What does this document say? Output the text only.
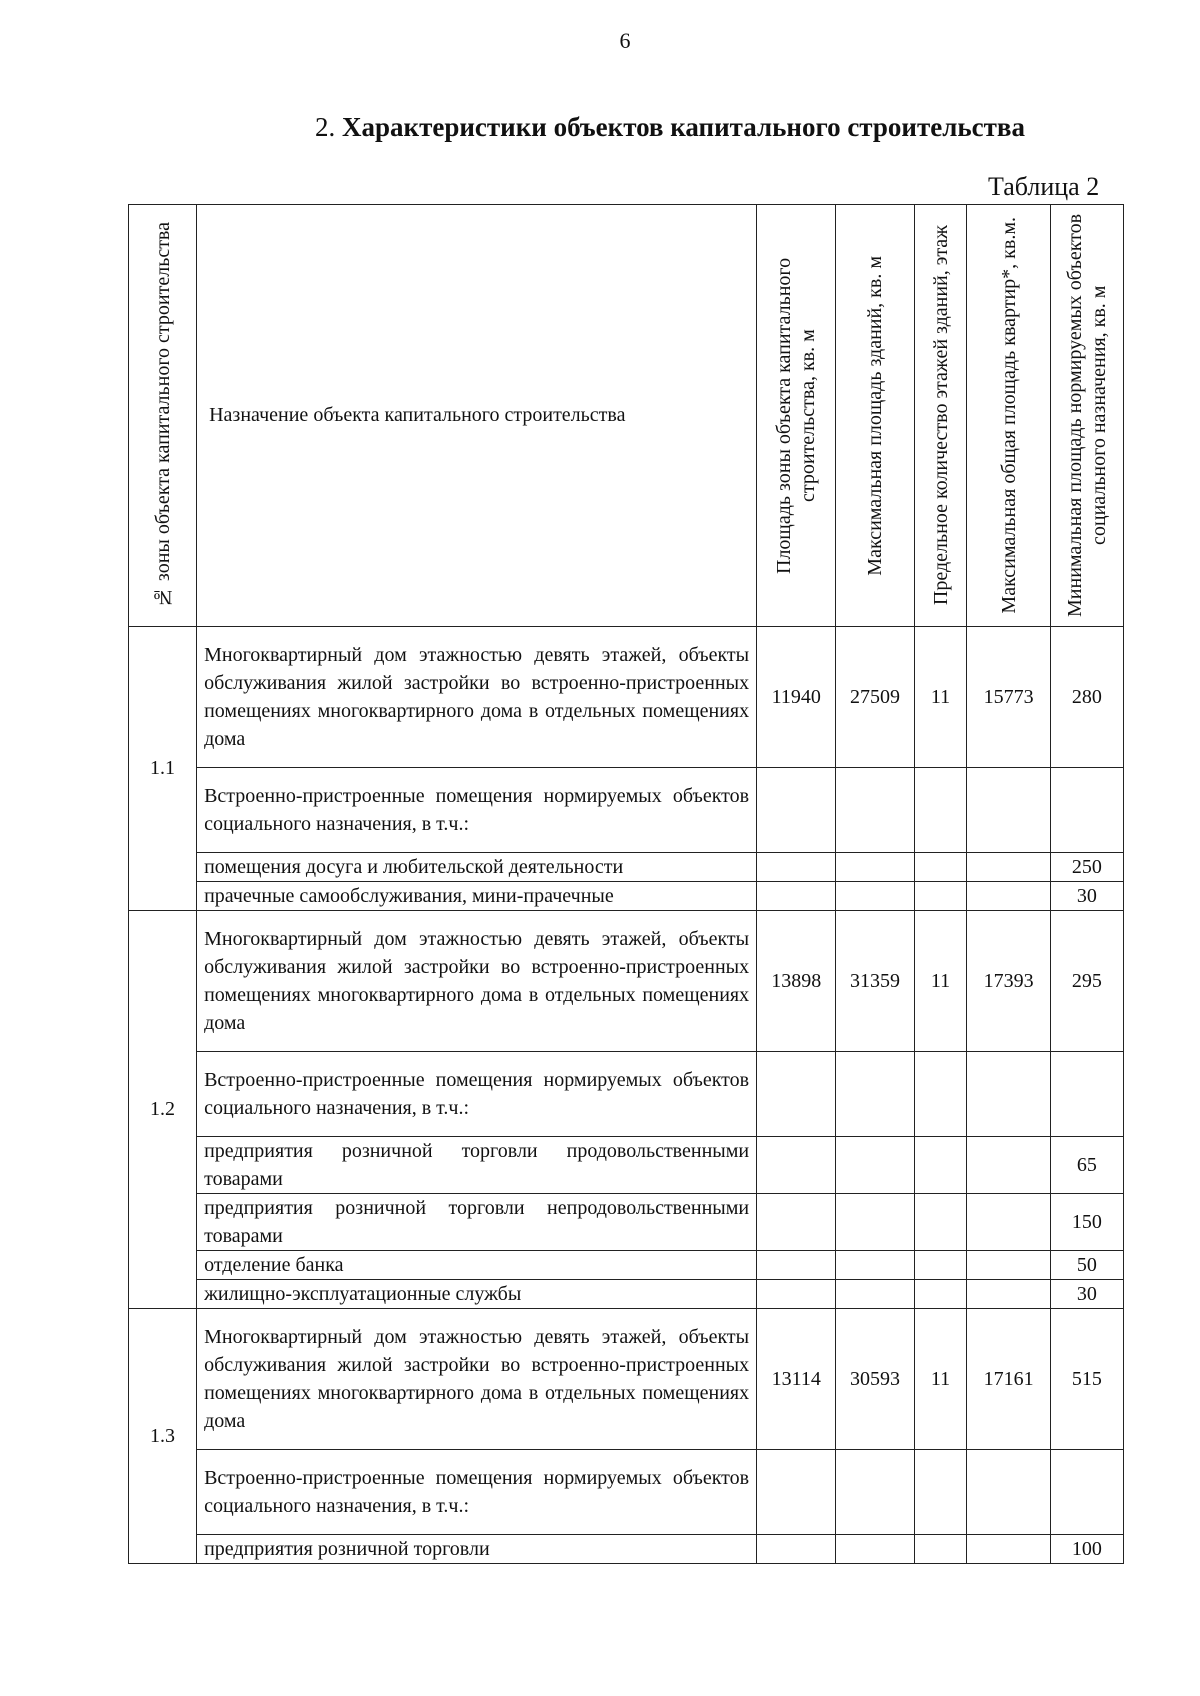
6
2. Характеристики объектов капитального строительства
Таблица 2
№ зоны объекта капитального строительства	Назначение объекта капитального строительства	Площадь зоны объекта капитального строительства, кв. м	Максимальная площадь зданий, кв. м	Предельное количество этажей зданий, этаж	Максимальная общая площадь квартир*, кв.м.	Минимальная площадь нормируемых объектов социального назначения, кв. м

1.1	Многоквартирный дом этажностью девять этажей, объекты обслуживания жилой застройки во встроенно-пристроенных помещениях многоквартирного дома в отдельных помещениях дома	11940	27509	11	15773	280
	Встроенно-пристроенные помещения нормируемых объектов социального назначения, в т.ч.:					
	помещения досуга и любительской деятельности					250
	прачечные самообслуживания, мини-прачечные					30
1.2	Многоквартирный дом этажностью девять этажей, объекты обслуживания жилой застройки во встроенно-пристроенных помещениях многоквартирного дома в отдельных помещениях дома	13898	31359	11	17393	295
	Встроенно-пристроенные помещения нормируемых объектов социального назначения, в т.ч.:					
	предприятия розничной торговли продовольственными товарами					65
	предприятия розничной торговли непродовольственными товарами					150
	отделение банка					50
	жилищно-эксплуатационные службы					30
1.3	Многоквартирный дом этажностью девять этажей, объекты обслуживания жилой застройки во встроенно-пристроенных помещениях многоквартирного дома в отдельных помещениях дома	13114	30593	11	17161	515
	Встроенно-пристроенные помещения нормируемых объектов социального назначения, в т.ч.:					
	предприятия розничной торговли					100
